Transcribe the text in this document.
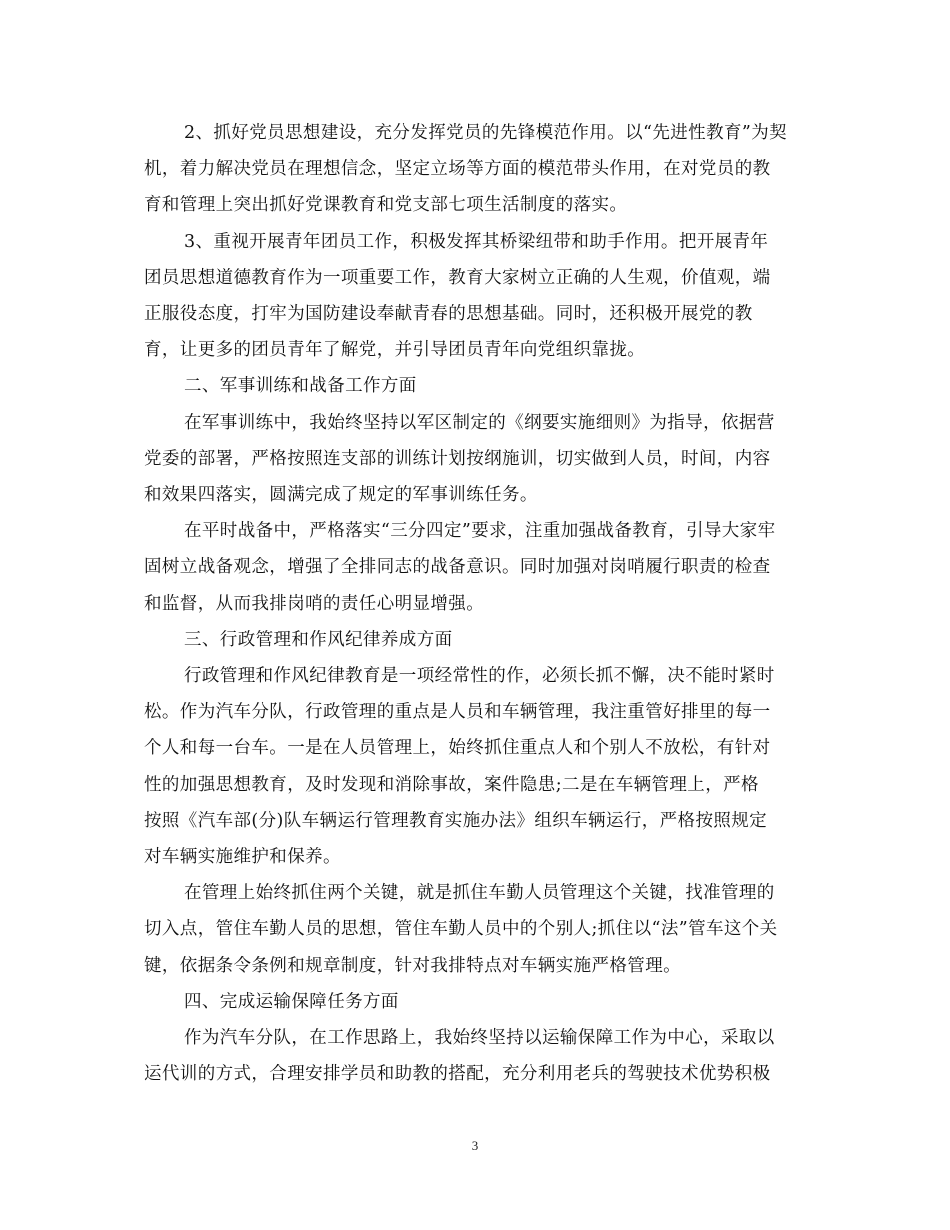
2、抓好党员思想建设，充分发挥党员的先锋模范作用。以“先进性教育”为契
机，着力解决党员在理想信念，坚定立场等方面的模范带头作用，在对党员的教
育和管理上突出抓好党课教育和党支部七项生活制度的落实。

3、重视开展青年团员工作，积极发挥其桥梁纽带和助手作用。把开展青年
团员思想道德教育作为一项重要工作，教育大家树立正确的人生观，价值观，端
正服役态度，打牢为国防建设奉献青春的思想基础。同时，还积极开展党的教
育，让更多的团员青年了解党，并引导团员青年向党组织靠拢。

二、军事训练和战备工作方面

在军事训练中，我始终坚持以军区制定的《纲要实施细则》为指导，依据营
党委的部署，严格按照连支部的训练计划按纲施训，切实做到人员，时间，内容
和效果四落实，圆满完成了规定的军事训练任务。

在平时战备中，严格落实“三分四定”要求，注重加强战备教育，引导大家牢
固树立战备观念，增强了全排同志的战备意识。同时加强对岗哨履行职责的检查
和监督，从而我排岗哨的责任心明显增强。

三、行政管理和作风纪律养成方面

行政管理和作风纪律教育是一项经常性的作，必须长抓不懈，决不能时紧时
松。作为汽车分队，行政管理的重点是人员和车辆管理，我注重管好排里的每一
个人和每一台车。一是在人员管理上，始终抓住重点人和个别人不放松，有针对
性的加强思想教育，及时发现和消除事故，案件隐患;二是在车辆管理上，严格
按照《汽车部(分)队车辆运行管理教育实施办法》组织车辆运行，严格按照规定
对车辆实施维护和保养。

在管理上始终抓住两个关键，就是抓住车勤人员管理这个关键，找准管理的
切入点，管住车勤人员的思想，管住车勤人员中的个别人;抓住以“法”管车这个关
键，依据条令条例和规章制度，针对我排特点对车辆实施严格管理。

四、完成运输保障任务方面

作为汽车分队，在工作思路上，我始终坚持以运输保障工作为中心，采取以
运代训的方式，合理安排学员和助教的搭配，充分利用老兵的驾驶技术优势积极

3
